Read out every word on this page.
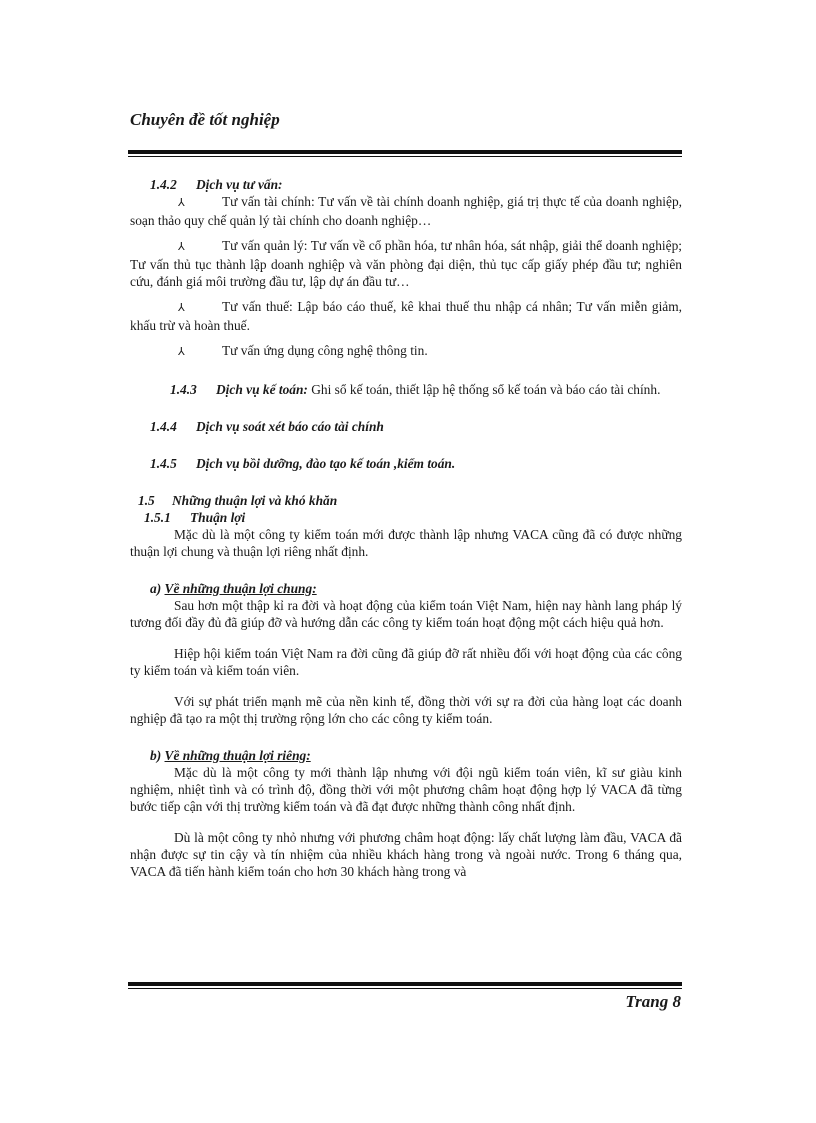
Chuyên đề tốt nghiệp

1.4.2 Dịch vụ tư vấn:

⅄	Tư vấn tài chính: Tư vấn về tài chính doanh nghiệp, giá trị thực tế của doanh nghiệp, soạn thảo quy chế quản lý tài chính cho doanh nghiệp…

⅄	Tư vấn quản lý: Tư vấn về cổ phần hóa, tư nhân hóa, sát nhập, giải thể doanh nghiệp; Tư vấn thủ tục thành lập doanh nghiệp và văn phòng đại diện, thủ tục cấp giấy phép đầu tư; nghiên cứu, đánh giá môi trường đầu tư, lập dự án đầu tư…

⅄	Tư vấn thuế: Lập báo cáo thuế, kê khai thuế thu nhập cá nhân; Tư vấn miễn giảm, khấu trừ và hoàn thuế.

⅄	Tư vấn ứng dụng công nghệ thông tin.

1.4.3 Dịch vụ kế toán: Ghi sổ kế toán, thiết lập hệ thống sổ kế toán và báo cáo tài chính.

1.4.4 Dịch vụ soát xét báo cáo tài chính

1.4.5 Dịch vụ bồi dưỡng, đào tạo kế toán ,kiểm toán.

1.5 Những thuận lợi và khó khăn

1.5.1 Thuận lợi

Mặc dù là một công ty kiểm toán mới được thành lập nhưng VACA cũng đã có được những thuận lợi chung và thuận lợi riêng nhất định.

a) Về những thuận lợi chung:

Sau hơn một thập kỉ ra đời và hoạt động của kiểm toán Việt Nam, hiện nay hành lang pháp lý tương đối đầy đủ đã giúp đỡ và hướng dẫn các công ty kiểm toán hoạt động một cách hiệu quả hơn.

Hiệp hội kiểm toán Việt Nam ra đời cũng đã giúp đỡ rất nhiều đối với hoạt động của các công ty kiểm toán và kiểm toán viên.

Với sự phát triển mạnh mẽ của nền kinh tế, đồng thời với sự ra đời của hàng loạt các doanh nghiệp đã tạo ra một thị trường rộng lớn cho các công ty kiểm toán.

b) Về những thuận lợi riêng:

Mặc dù là một công ty mới thành lập nhưng với đội ngũ kiểm toán viên, kĩ sư giàu kinh nghiệm, nhiệt tình và có trình độ, đồng thời với một phương châm hoạt động hợp lý VACA đã từng bước tiếp cận với thị trường kiểm toán và đã đạt được những thành công nhất định.

Dù là một công ty nhỏ nhưng với phương châm hoạt động: lấy chất lượng làm đầu, VACA đã nhận được sự tin cậy và tín nhiệm của nhiều khách hàng trong và ngoài nước. Trong 6 tháng qua, VACA đã tiến hành kiểm toán cho hơn 30 khách hàng trong và

Trang 8
